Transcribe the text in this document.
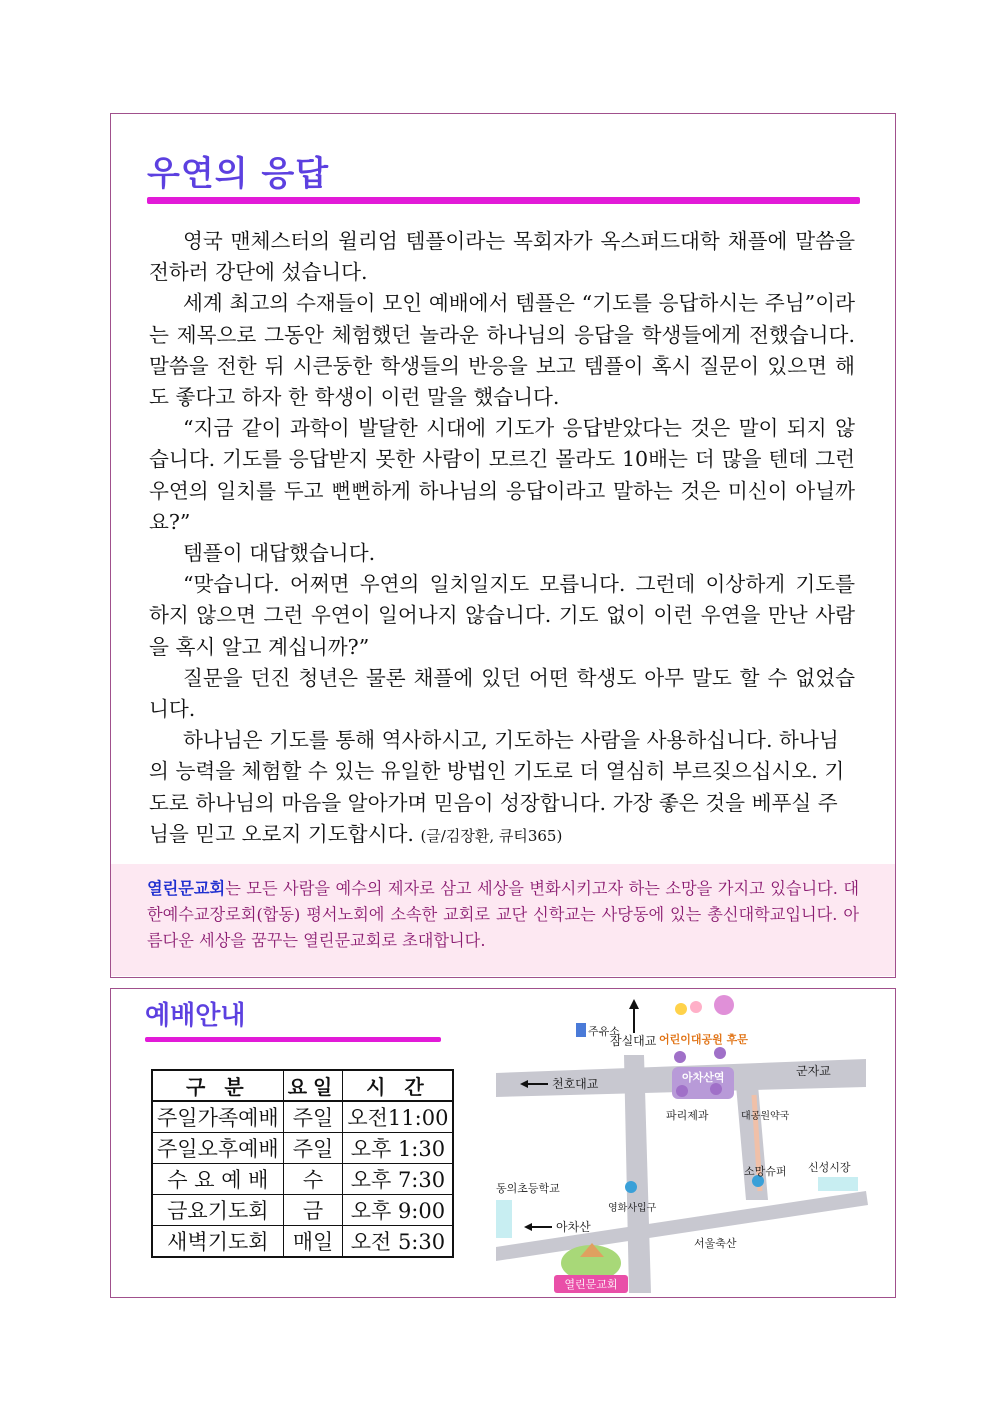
우연의 응답

영국 맨체스터의 윌리엄 템플이라는 목회자가 옥스퍼드대학 채플에 말씀을 전하러 강단에 섰습니다.

세계 최고의 수재들이 모인 예배에서 템플은 “기도를 응답하시는 주님”이라는 제목으로 그동안 체험했던 놀라운 하나님의 응답을 학생들에게 전했습니다. 말씀을 전한 뒤 시큰둥한 학생들의 반응을 보고 템플이 혹시 질문이 있으면 해도 좋다고 하자 한 학생이 이런 말을 했습니다.

“지금 같이 과학이 발달한 시대에 기도가 응답받았다는 것은 말이 되지 않습니다. 기도를 응답받지 못한 사람이 모르긴 몰라도 10배는 더 많을 텐데 그런 우연의 일치를 두고 뻔뻔하게 하나님의 응답이라고 말하는 것은 미신이 아닐까요?”

템플이 대답했습니다.

“맞습니다. 어쩌면 우연의 일치일지도 모릅니다. 그런데 이상하게 기도를 하지 않으면 그런 우연이 일어나지 않습니다. 기도 없이 이런 우연을 만난 사람을 혹시 알고 계십니까?”

질문을 던진 청년은 물론 채플에 있던 어떤 학생도 아무 말도 할 수 없었습니다.

하나님은 기도를 통해 역사하시고, 기도하는 사람을 사용하십니다. 하나님의 능력을 체험할 수 있는 유일한 방법인 기도로 더 열심히 부르짖으십시오. 기도로 하나님의 마음을 알아가며 믿음이 성장합니다. 가장 좋은 것을 베푸실 주님을 믿고 오로지 기도합시다. (글/김장환, 큐티365)

열린문교회는 모든 사람을 예수의 제자로 삼고 세상을 변화시키고자 하는 소망을 가지고 있습니다. 대한예수교장로회(합동) 평서노회에 소속한 교회로 교단 신학교는 사당동에 있는 총신대학교입니다. 아름다운 세상을 꿈꾸는 열린문교회로 초대합니다.

예배안내
구 분	요일	시 간
주일가족예배	주일	오전11:00
주일오후예배	주일	오후 1:30
수 요 예 배	수	오후 7:30
금요기도회	금	오후 9:00
새벽기도회	매일	오전 5:30
잠실대교 어린이대공원 후문
주유소
아차산역	군자교
천호대교
파리제과	대공원약국
소망슈퍼 신성시장
동의초등학교
영화사입구
아차산
서울축산
열린문교회
